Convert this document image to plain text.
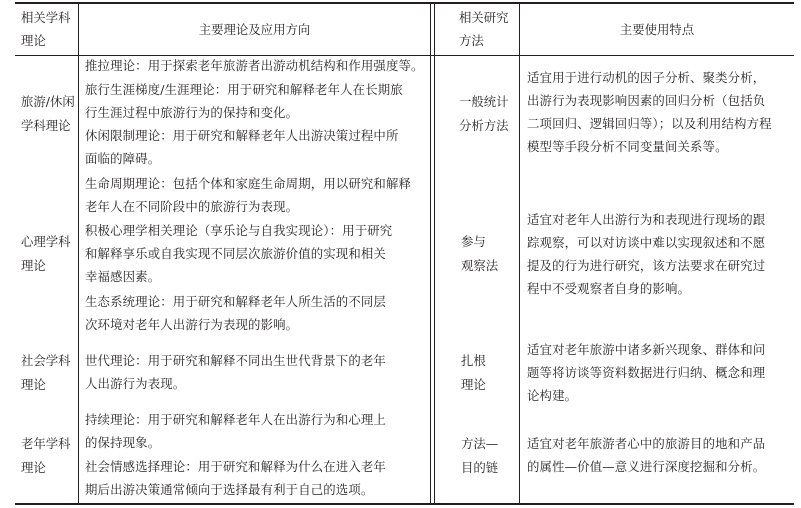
相关学科
理论
主要理论及应用方向
旅游/休闲
学科理论
推拉理论：用于探索老年旅游者出游动机结构和作用强度等。
旅行生涯梯度/生涯理论：用于研究和解释老年人在长期旅
行生涯过程中旅游行为的保持和变化。
休闲限制理论：用于研究和解释老年人出游决策过程中所
面临的障碍。
心理学科
理论
生命周期理论：包括个体和家庭生命周期，用以研究和解释
老年人在不同阶段中的旅游行为表现。
积极心理学相关理论（享乐论与自我实现论）：用于研究
和解释享乐或自我实现不同层次旅游价值的实现和相关
幸福感因素。
生态系统理论：用于研究和解释老年人所生活的不同层
次环境对老年人出游行为表现的影响。
社会学科
理论
世代理论：用于研究和解释不同出生世代背景下的老年
人出游行为表现。
老年学科
理论
持续理论：用于研究和解释老年人在出游行为和心理上
的保持现象。
社会情感选择理论：用于研究和解释为什么在进入老年
期后出游决策通常倾向于选择最有利于自己的选项。
相关研究
方法
主要使用特点
一般统计
分析方法
适宜用于进行动机的因子分析、聚类分析，
出游行为表现影响因素的回归分析（包括负
二项回归、逻辑回归等）；以及利用结构方程
模型等手段分析不同变量间关系等。
参与
观察法
适宜对老年人出游行为和表现进行现场的跟
踪观察，可以对访谈中难以实现叙述和不愿
提及的行为进行研究，该方法要求在研究过
程中不受观察者自身的影响。
扎根
理论
适宜对老年旅游中诸多新兴现象、群体和问
题等将访谈等资料数据进行归纳、概念和理
论构建。
方法—
目的链
适宜对老年旅游者心中的旅游目的地和产品
的属性—价值—意义进行深度挖掘和分析。
